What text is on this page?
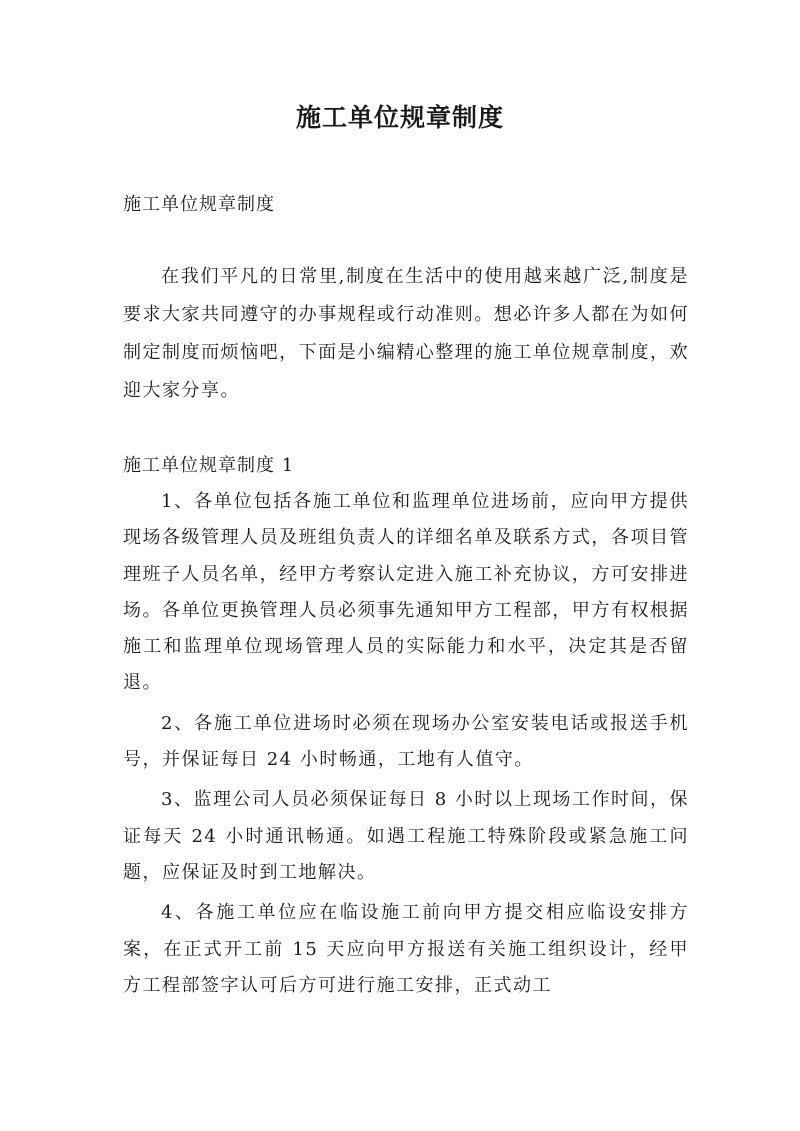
施工单位规章制度

施工单位规章制度

在我们平凡的日常里,制度在生活中的使用越来越广泛,制度是要求大家共同遵守的办事规程或行动准则。想必许多人都在为如何制定制度而烦恼吧，下面是小编精心整理的施工单位规章制度，欢迎大家分享。

施工单位规章制度 1

1、各单位包括各施工单位和监理单位进场前，应向甲方提供现场各级管理人员及班组负责人的详细名单及联系方式，各项目管理班子人员名单，经甲方考察认定进入施工补充协议，方可安排进场。各单位更换管理人员必须事先通知甲方工程部，甲方有权根据施工和监理单位现场管理人员的实际能力和水平，决定其是否留退。
2、各施工单位进场时必须在现场办公室安装电话或报送手机号，并保证每日 24 小时畅通，工地有人值守。
3、监理公司人员必须保证每日 8 小时以上现场工作时间，保证每天 24 小时通讯畅通。如遇工程施工特殊阶段或紧急施工问题，应保证及时到工地解决。
4、各施工单位应在临设施工前向甲方提交相应临设安排方案，在正式开工前 15 天应向甲方报送有关施工组织设计，经甲方工程部签字认可后方可进行施工安排，正式动工
